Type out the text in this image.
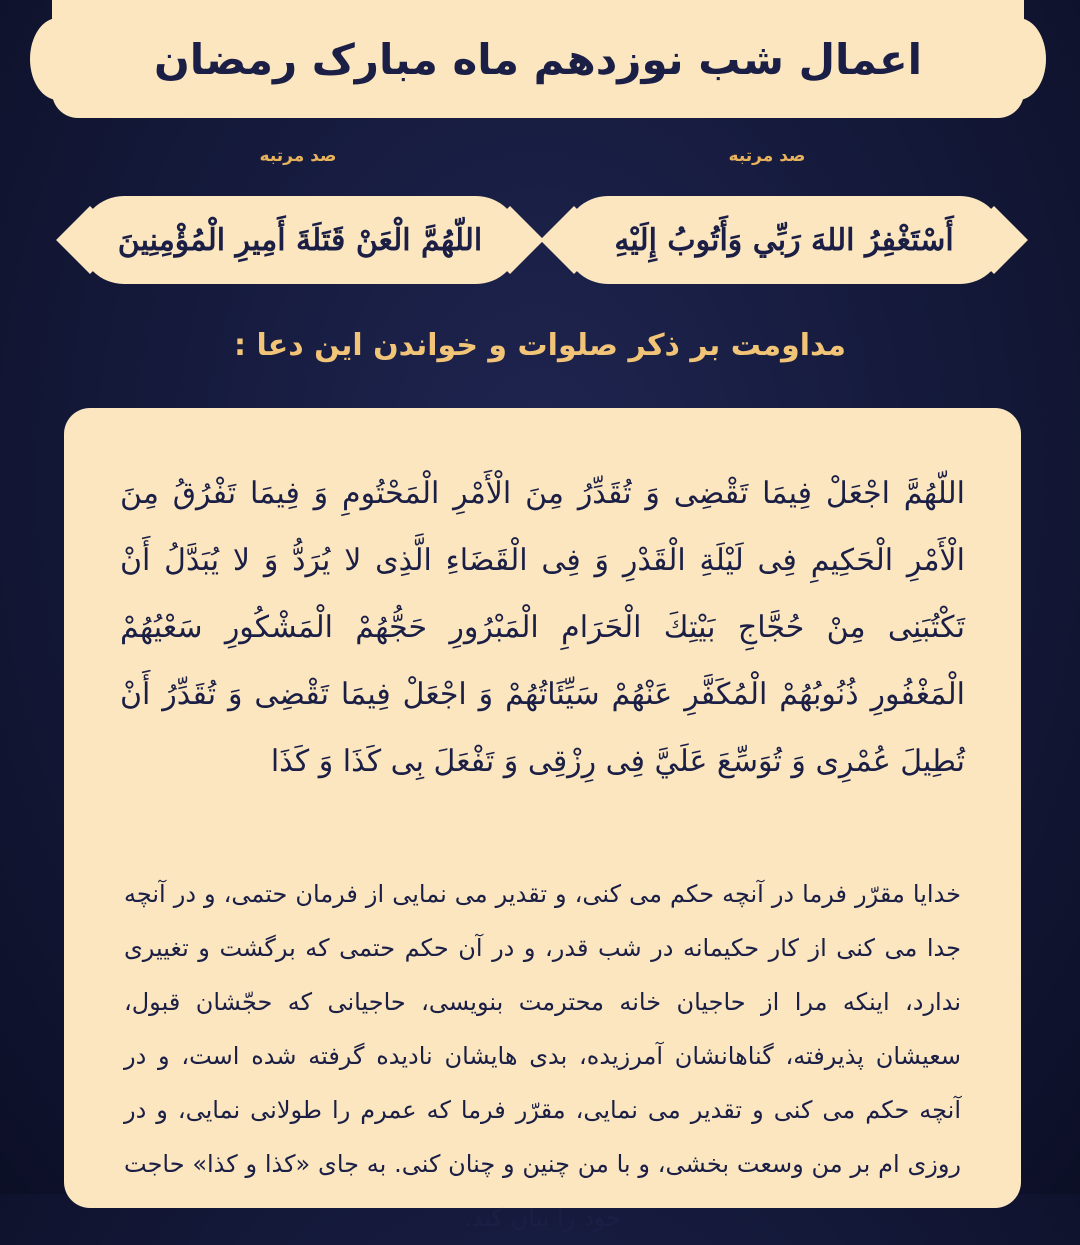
اعمال شب نوزدهم ماه مبارک رمضان
صد مرتبه
صد مرتبه
أَسْتَغْفِرُ اللهَ رَبِّي وَأَتُوبُ إِلَيْهِ
اللّهُمَّ الْعَنْ قَتَلَةَ أَمِيرِ الْمُؤْمِنِينَ
مداومت بر ذکر صلوات و خواندن این دعا :

اللّهُمَّ اجْعَلْ فِيمَا تَقْضِى وَ تُقَدِّرُ مِنَ الْأَمْرِ الْمَحْتُومِ وَ فِيمَا تَفْرُقُ مِنَ الْأَمْرِ الْحَكِيمِ فِى لَيْلَةِ الْقَدْرِ وَ فِى الْقَضَاءِ الَّذِى لا يُرَدُّ وَ لا يُبَدَّلُ أَنْ تَكْتُبَنِى مِنْ حُجَّاجِ بَيْتِكَ الْحَرَامِ الْمَبْرُورِ حَجُّهُمْ الْمَشْكُورِ سَعْيُهُمْ الْمَغْفُورِ ذُنُوبُهُمْ الْمُكَفَّرِ عَنْهُمْ سَيِّئَاتُهُمْ وَ اجْعَلْ فِيمَا تَقْضِى وَ تُقَدِّرُ أَنْ تُطِيلَ عُمْرِى وَ تُوَسِّعَ عَلَيَّ فِى رِزْقِى وَ تَفْعَلَ بِى كَذَا وَ كَذَا

خدایا مقرّر فرما در آنچه حکم می کنی، و تقدیر می نمایی از فرمان حتمی، و در آنچه جدا می کنی از کار حکیمانه در شب قدر، و در آن حکم حتمی که برگشت و تغییری ندارد، اینکه مرا از حاجیان خانه محترمت بنویسی، حاجیانی که حجّشان قبول، سعیشان پذیرفته، گناهانشان آمرزیده، بدی هایشان نادیده گرفته شده است، و در آنچه حکم می کنی و تقدیر می نمایی، مقرّر فرما که عمرم را طولانی نمایی، و در روزی ام بر من وسعت بخشی، و با من چنین و چنان کنی. به جای «کذا و کذا» حاجت خود را بیان کند.
